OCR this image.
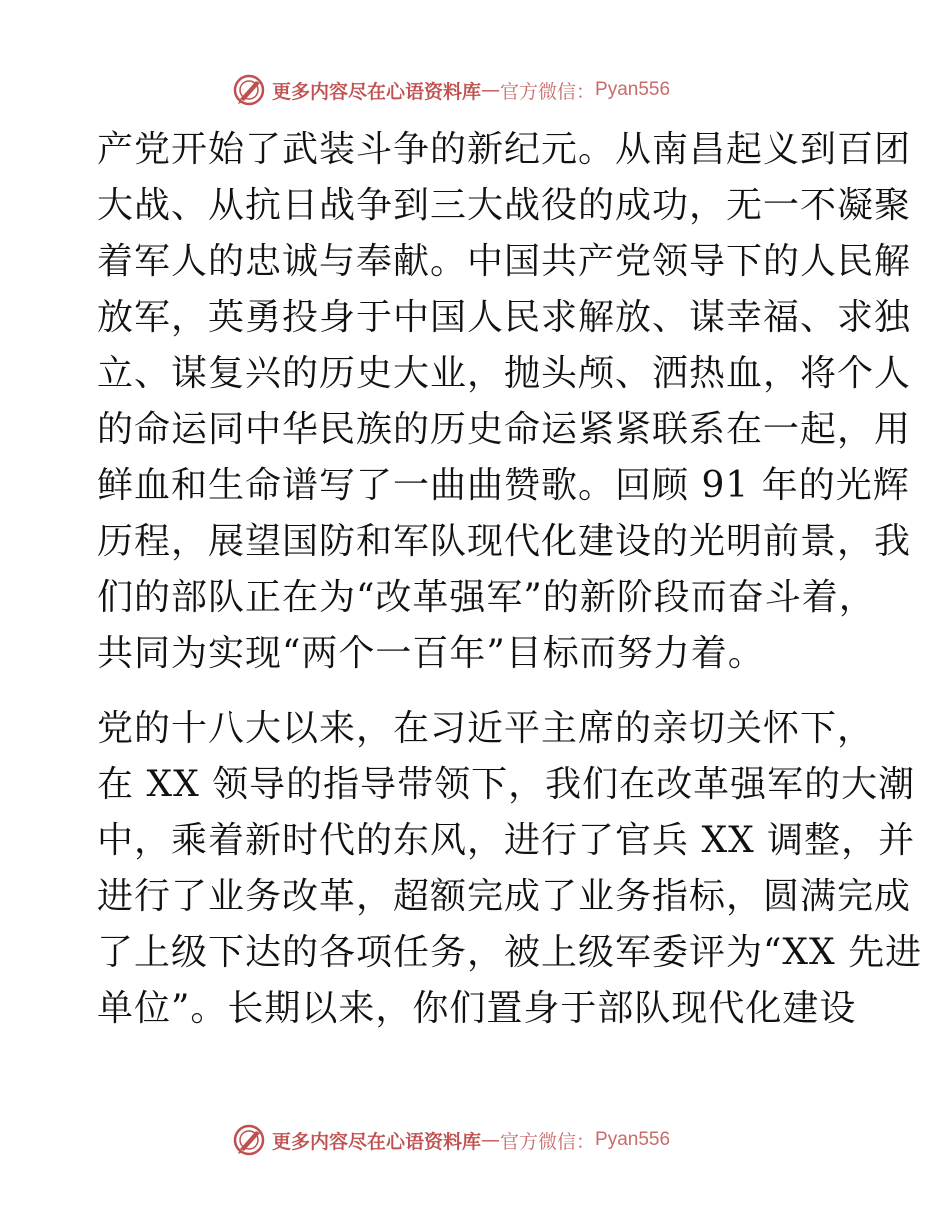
更多内容尽在心语资料库 — 官方微信： Pyan556
产党开始了武装斗争的新纪元。从南昌起义到百团
大战、从抗日战争到三大战役的成功，无一不凝聚
着军人的忠诚与奉献。中国共产党领导下的人民解
放军，英勇投身于中国人民求解放、谋幸福、求独
立、谋复兴的历史大业，抛头颅、洒热血，将个人
的命运同中华民族的历史命运紧紧联系在一起，用
鲜血和生命谱写了一曲曲赞歌。回顾 91 年的光辉
历程，展望国防和军队现代化建设的光明前景，我
们的部队正在为“改革强军”的新阶段而奋斗着，
共同为实现“两个一百年”目标而努力着。
党的十八大以来，在习近平主席的亲切关怀下，
在 XX 领导的指导带领下，我们在改革强军的大潮
中，乘着新时代的东风，进行了官兵 XX 调整，并
进行了业务改革，超额完成了业务指标，圆满完成
了上级下达的各项任务，被上级军委评为“XX 先进
单位”。长期以来，你们置身于部队现代化建设
更多内容尽在心语资料库 — 官方微信： Pyan556
